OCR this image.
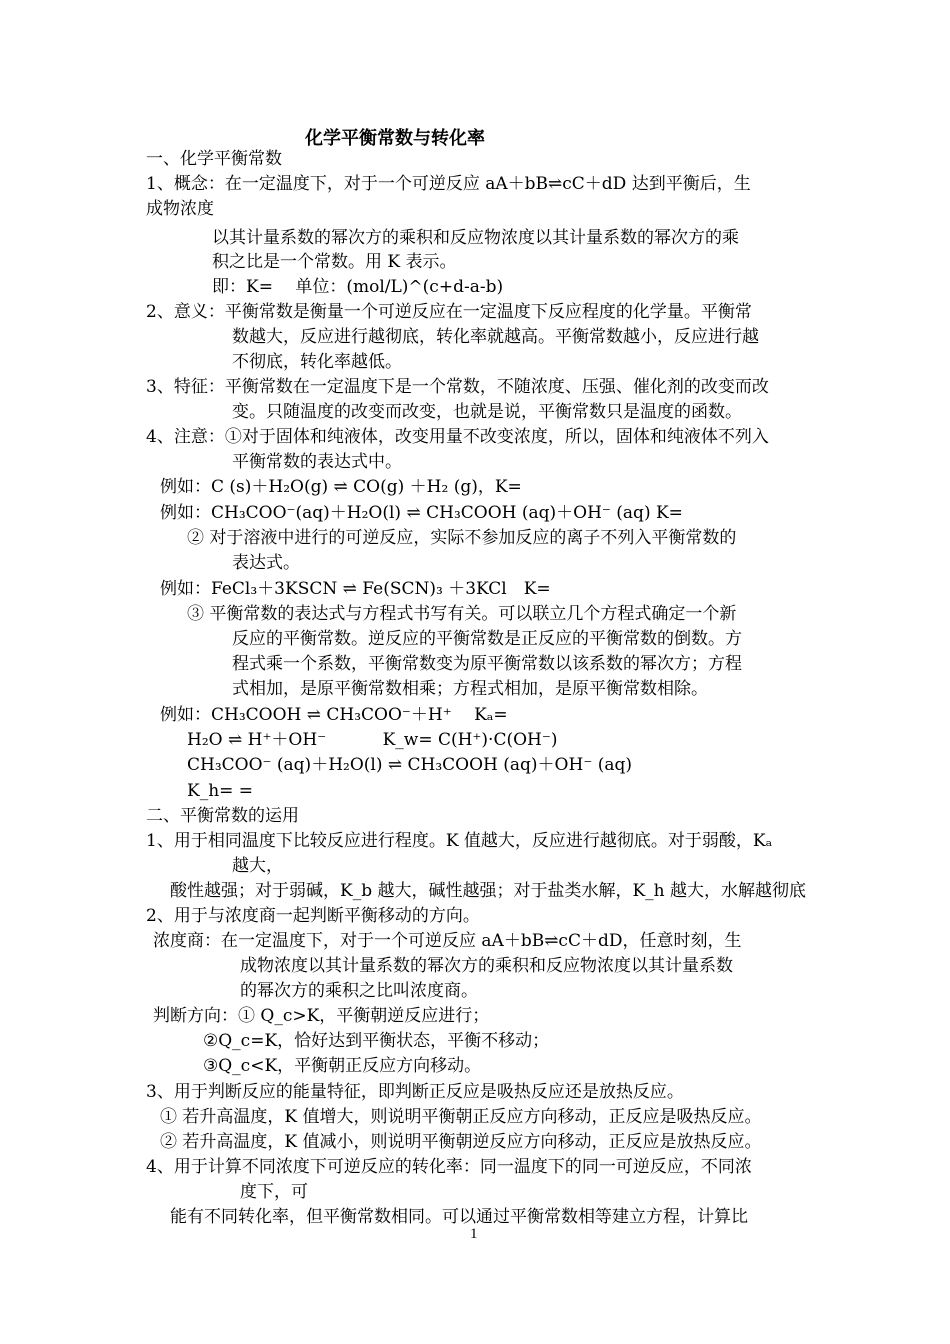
化学平衡常数与转化率
一、化学平衡常数
1、概念：在一定温度下，对于一个可逆反应 aA＋bB⇌cC＋dD 达到平衡后，生
成物浓度
以其计量系数的幂次方的乘积和反应物浓度以其计量系数的幂次方的乘
积之比是一个常数。用 K 表示。
即：K=　 单位：(mol/L)^(c+d-a-b)
2、意义：平衡常数是衡量一个可逆反应在一定温度下反应程度的化学量。平衡常
数越大，反应进行越彻底，转化率就越高。平衡常数越小，反应进行越
不彻底，转化率越低。
3、特征：平衡常数在一定温度下是一个常数，不随浓度、压强、催化剂的改变而改
变。只随温度的改变而改变，也就是说，平衡常数只是温度的函数。
4、注意：①对于固体和纯液体，改变用量不改变浓度，所以，固体和纯液体不列入
平衡常数的表达式中。
例如：C (s)＋H₂O(g) ⇌ CO(g) ＋H₂ (g)，K=
例如：CH₃COO⁻(aq)＋H₂O(l) ⇌ CH₃COOH (aq)＋OH⁻ (aq) K=
② 对于溶液中进行的可逆反应，实际不参加反应的离子不列入平衡常数的
表达式。
例如：FeCl₃＋3KSCN ⇌ Fe(SCN)₃ ＋3KCl　K=
③ 平衡常数的表达式与方程式书写有关。可以联立几个方程式确定一个新
反应的平衡常数。逆反应的平衡常数是正反应的平衡常数的倒数。方
程式乘一个系数，平衡常数变为原平衡常数以该系数的幂次方；方程
式相加，是原平衡常数相乘；方程式相加，是原平衡常数相除。
例如：CH₃COOH ⇌ CH₃COO⁻＋H⁺　 Kₐ=
H₂O ⇌ H⁺＋OH⁻　　　 K_w= C(H⁺)·C(OH⁻)
CH₃COO⁻ (aq)＋H₂O(l) ⇌ CH₃COOH (aq)＋OH⁻ (aq)
K_h= =
二、平衡常数的运用
1、用于相同温度下比较反应进行程度。K 值越大，反应进行越彻底。对于弱酸，Kₐ
越大，
酸性越强；对于弱碱，K_b 越大，碱性越强；对于盐类水解，K_h 越大，水解越彻底
2、用于与浓度商一起判断平衡移动的方向。
浓度商：在一定温度下，对于一个可逆反应 aA＋bB⇌cC＋dD，任意时刻，生
成物浓度以其计量系数的幂次方的乘积和反应物浓度以其计量系数
的幂次方的乘积之比叫浓度商。
判断方向：① Q_c>K，平衡朝逆反应进行；
②Q_c=K，恰好达到平衡状态，平衡不移动；
③Q_c<K，平衡朝正反应方向移动。
3、用于判断反应的能量特征，即判断正反应是吸热反应还是放热反应。
① 若升高温度，K 值增大，则说明平衡朝正反应方向移动，正反应是吸热反应。
② 若升高温度，K 值减小，则说明平衡朝逆反应方向移动，正反应是放热反应。
4、用于计算不同浓度下可逆反应的转化率：同一温度下的同一可逆反应，不同浓
度下，可
能有不同转化率，但平衡常数相同。可以通过平衡常数相等建立方程，计算比
1
